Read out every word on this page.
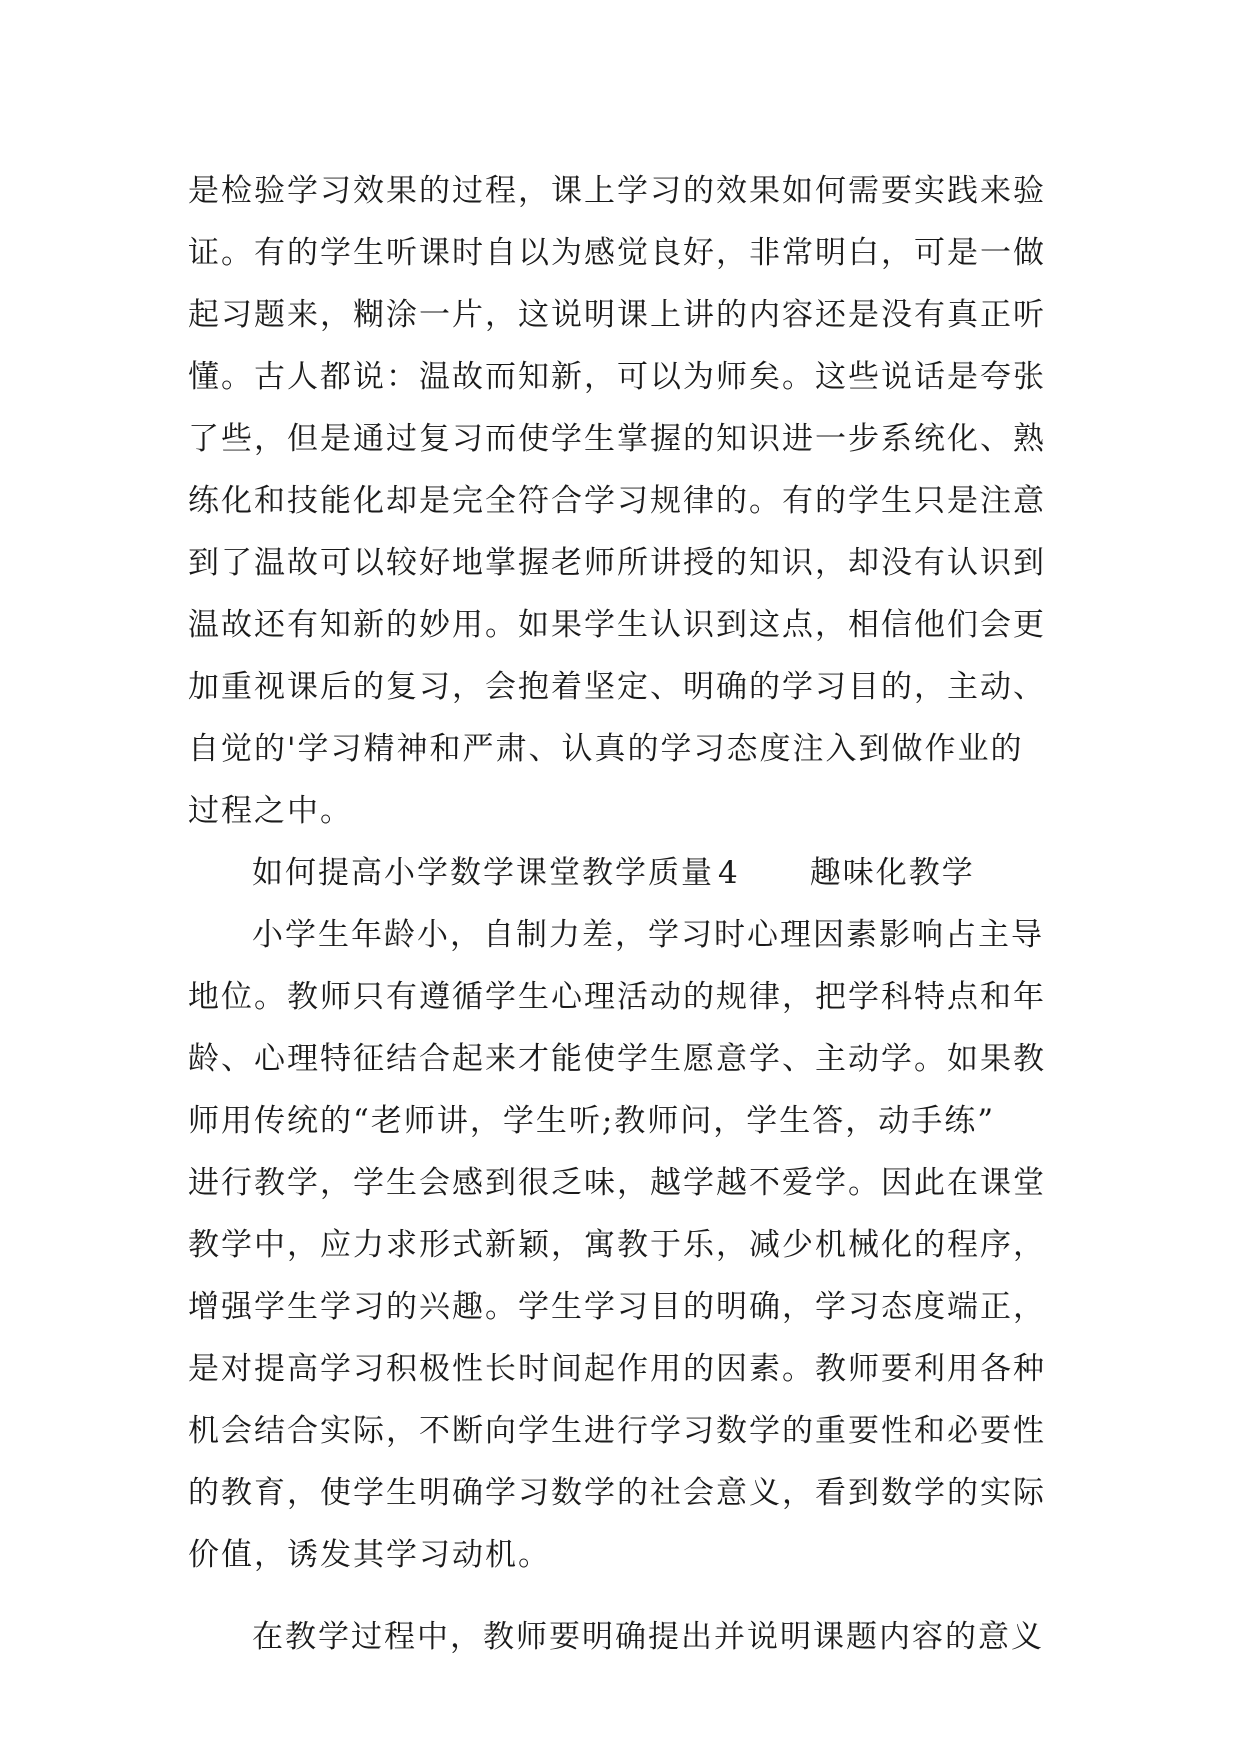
是检验学习效果的过程，课上学习的效果如何需要实践来验
证。有的学生听课时自以为感觉良好，非常明白，可是一做
起习题来，糊涂一片，这说明课上讲的内容还是没有真正听
懂。古人都说：温故而知新，可以为师矣。这些说话是夸张
了些，但是通过复习而使学生掌握的知识进一步系统化、熟
练化和技能化却是完全符合学习规律的。有的学生只是注意
到了温故可以较好地掌握老师所讲授的知识，却没有认识到
温故还有知新的妙用。如果学生认识到这点，相信他们会更
加重视课后的复习，会抱着坚定、明确的学习目的，主动、
自觉的'学习精神和严肃、认真的学习态度注入到做作业的
过程之中。
如何提高小学数学课堂教学质量 4 趣味化教学
小学生年龄小，自制力差，学习时心理因素影响占主导
地位。教师只有遵循学生心理活动的规律，把学科特点和年
龄、心理特征结合起来才能使学生愿意学、主动学。如果教
师用传统的“老师讲，学生听;教师问，学生答，动手练”
进行教学，学生会感到很乏味，越学越不爱学。因此在课堂
教学中，应力求形式新颖，寓教于乐，减少机械化的程序，
增强学生学习的兴趣。学生学习目的明确，学习态度端正，
是对提高学习积极性长时间起作用的因素。教师要利用各种
机会结合实际，不断向学生进行学习数学的重要性和必要性
的教育，使学生明确学习数学的社会意义，看到数学的实际
价值，诱发其学习动机。
在教学过程中，教师要明确提出并说明课题内容的意义
